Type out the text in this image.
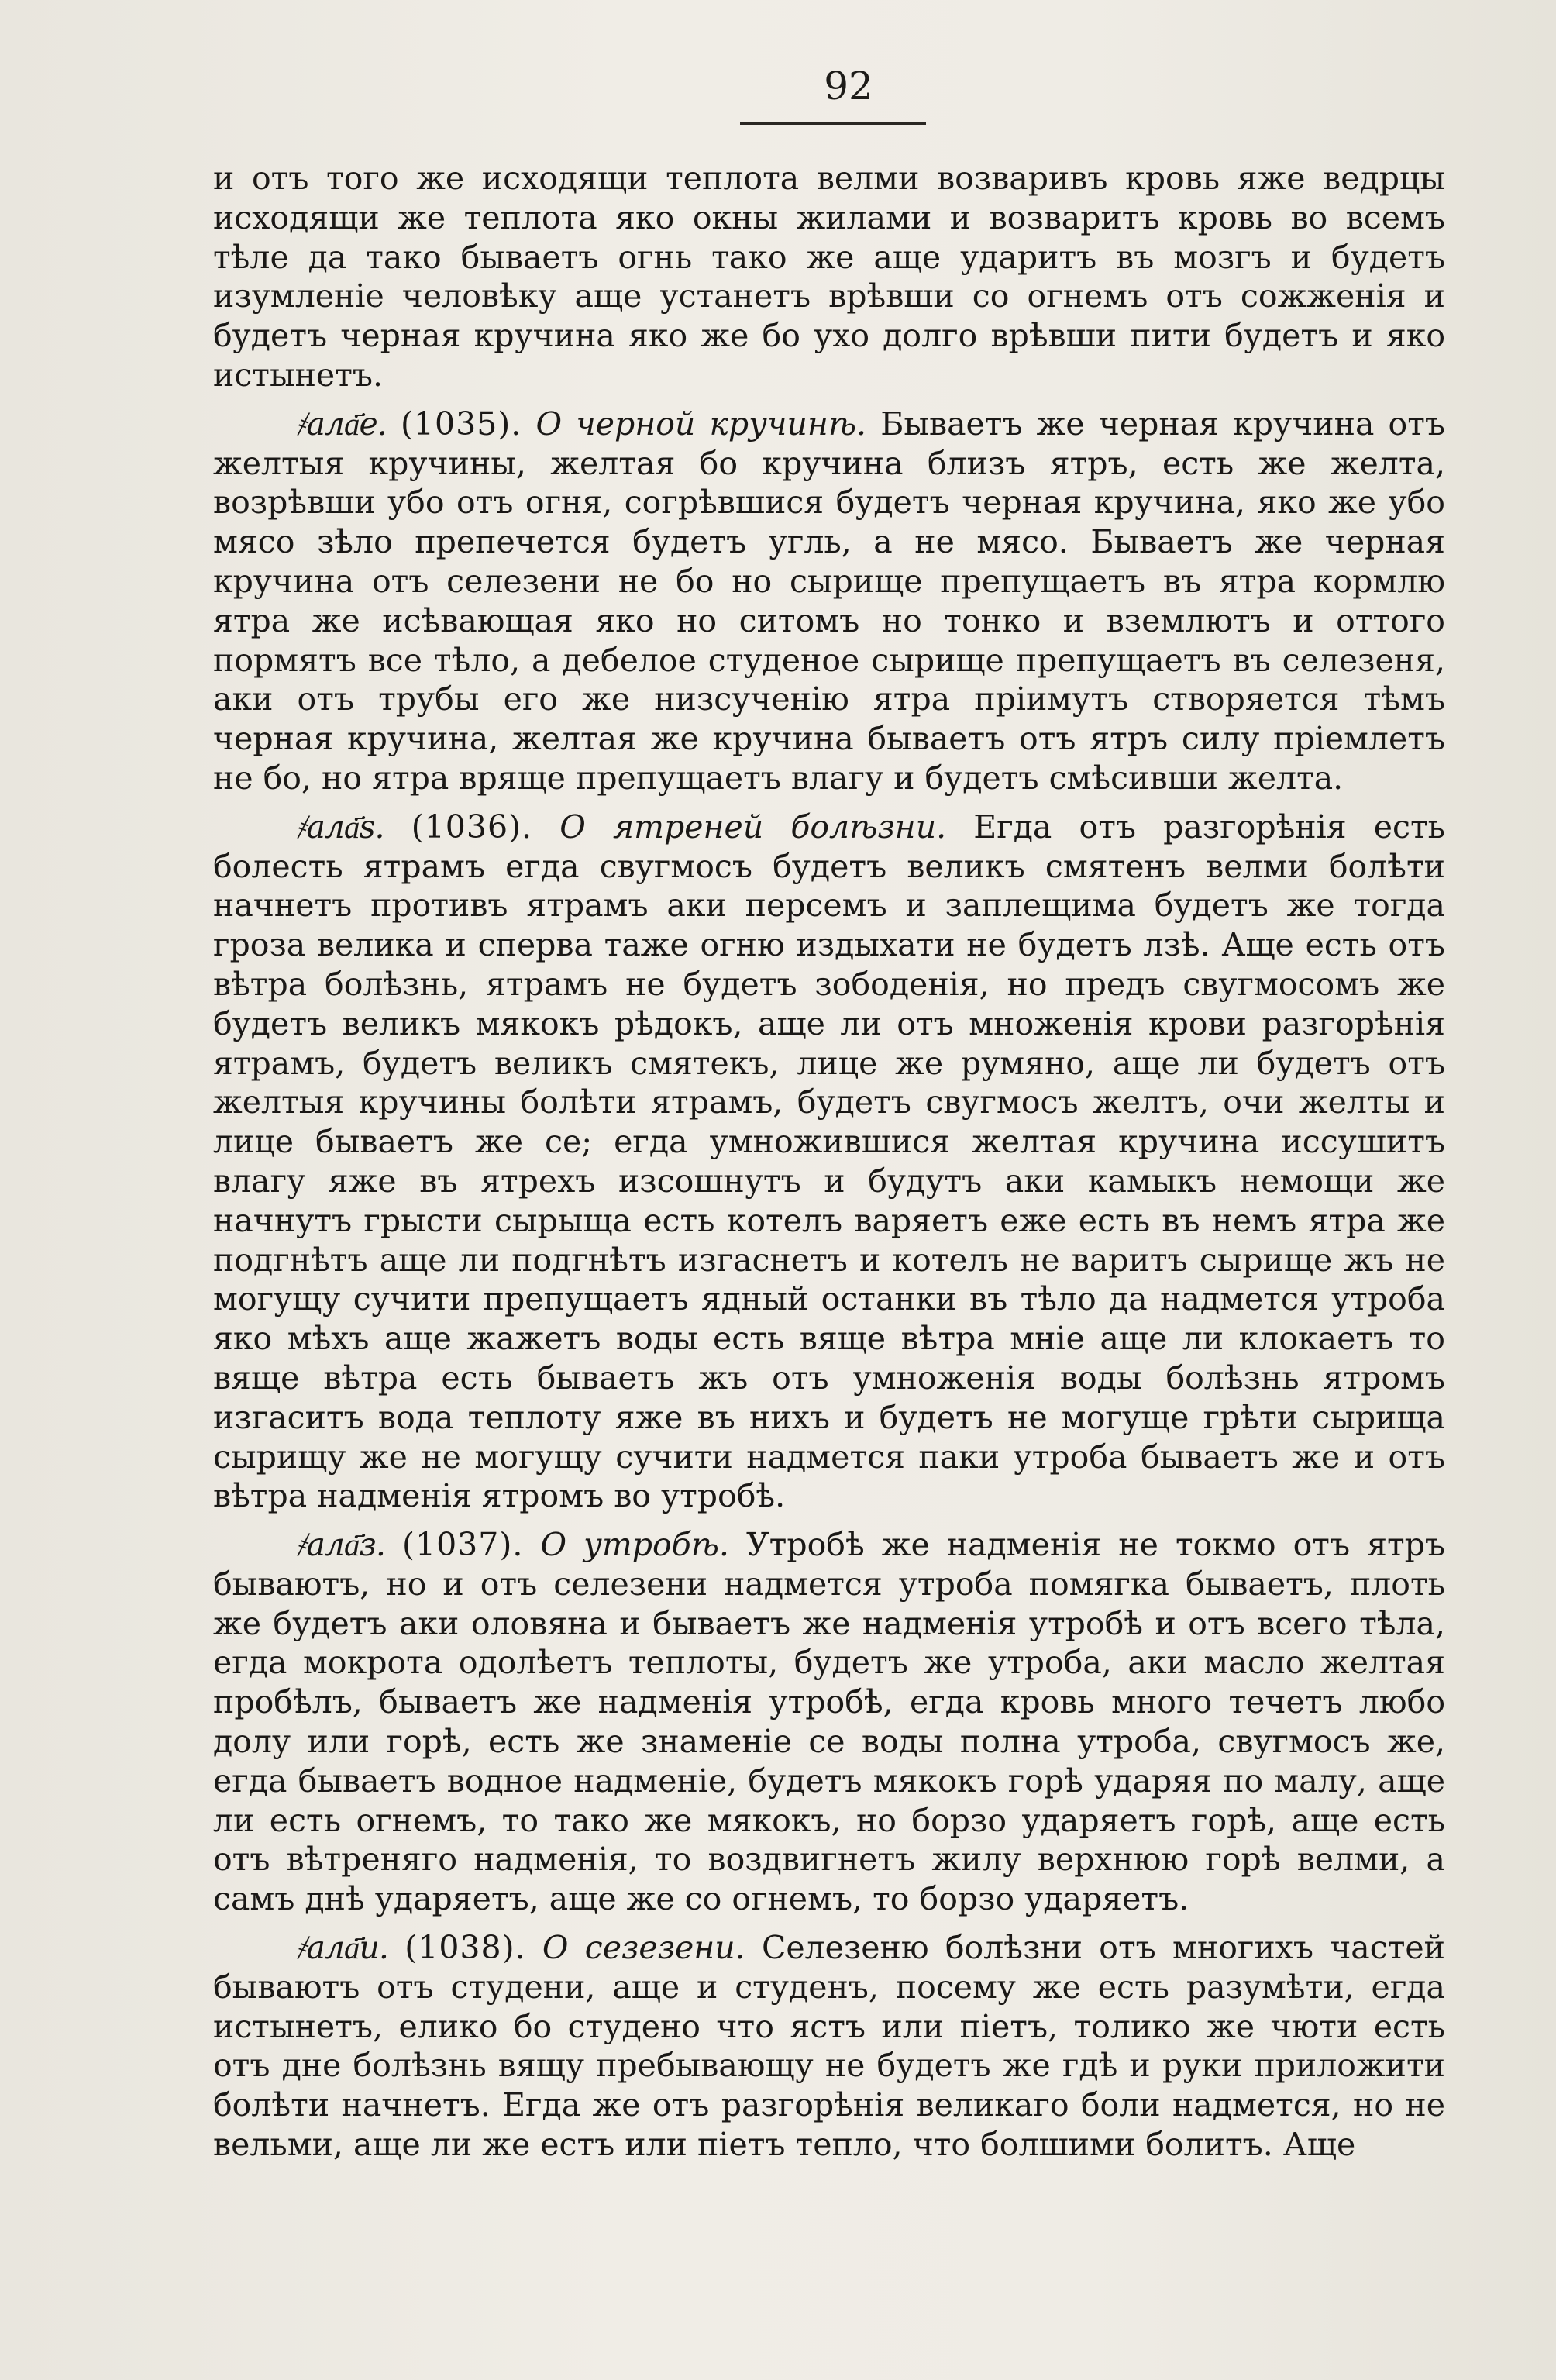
92

и отъ того же исходящи теплота велми возваривъ кровь яже ведрцы исходящи же теплота яко окны жилами и возваритъ кровь во всемъ тѣле да тако бываетъ огнь тако же аще ударитъ въ мозгъ и будетъ изумленіе человѣку аще устанетъ врѣвши со огнемъ отъ сожженія и будетъ черная кручина яко же бо ухо долго врѣвши пити будетъ и яко истынетъ.

҂ала҃е. (1035). О черной кручинѣ. Бываетъ же черная кручина отъ желтыя кручины, желтая бо кручина близъ ятръ, есть же желта, возрѣвши убо отъ огня, согрѣвшися будетъ черная кручина, яко же убо мясо зѣло препечется будетъ угль, а не мясо. Бываетъ же черная кручина отъ селезени не бо но сырище препущаетъ въ ятра кормлю ятра же исѣвающая яко но ситомъ но тонко и вземлютъ и оттого пормятъ все тѣло, а дебелое студеное сырище препущаетъ въ селезеня, аки отъ трубы его же низсученію ятра пріимутъ створяется тѣмъ черная кручина, желтая же кручина бываетъ отъ ятръ силу пріемлетъ не бо, но ятра вряще препущаетъ влагу и будетъ смѣсивши желта.

҂ала҃ѕ. (1036). О ятреней болѣзни. Егда отъ разгорѣнія есть болесть ятрамъ егда свугмосъ будетъ великъ смятенъ велми болѣти начнетъ противъ ятрамъ аки персемъ и заплещима будетъ же тогда гроза велика и сперва таже огню издыхати не будетъ лзѣ. Аще есть отъ вѣтра болѣзнь, ятрамъ не будетъ зободенія, но предъ свугмосомъ же будетъ великъ мякокъ рѣдокъ, аще ли отъ множенія крови разгорѣнія ятрамъ, будетъ великъ смятекъ, лице же румяно, аще ли будетъ отъ желтыя кручины болѣти ятрамъ, будетъ свугмосъ желтъ, очи желты и лице бываетъ же се; егда умножившися желтая кручина иссушитъ влагу яже въ ятрехъ изсошнутъ и будутъ аки камыкъ немощи же начнутъ грысти сырыща есть котелъ варяетъ еже есть въ немъ ятра же подгнѣтъ аще ли подгнѣтъ изгаснетъ и котелъ не варитъ сырище жъ не могущу сучити препущаетъ ядный останки въ тѣло да надмется утроба яко мѣхъ аще жажетъ воды есть вяще вѣтра мніе аще ли клокаетъ то вяще вѣтра есть бываетъ жъ отъ умноженія воды болѣзнь ятромъ изгаситъ вода теплоту яже въ нихъ и будетъ не могуще грѣти сырища сырищу же не могущу сучити надмется паки утроба бываетъ же и отъ вѣтра надменія ятромъ во утробѣ.

҂ала҃з. (1037). О утробѣ. Утробѣ же надменія не токмо отъ ятръ бываютъ, но и отъ селезени надмется утроба помягка бываетъ, плоть же будетъ аки оловяна и бываетъ же надменія утробѣ и отъ всего тѣла, егда мокрота одолѣетъ теплоты, будетъ же утроба, аки масло желтая пробѣлъ, бываетъ же надменія утробѣ, егда кровь много течетъ любо долу или горѣ, есть же знаменіе се воды полна утроба, свугмосъ же, егда бываетъ водное надменіе, будетъ мякокъ горѣ ударяя по малу, аще ли есть огнемъ, то тако же мякокъ, но борзо ударяетъ горѣ, аще есть отъ вѣтреняго надменія, то воздвигнетъ жилу верхнюю горѣ велми, а самъ днѣ ударяетъ, аще же со огнемъ, то борзо ударяетъ.

҂ала҃и. (1038). О сезезени. Селезеню болѣзни отъ многихъ частей бываютъ отъ студени, аще и студенъ, посему же есть разумѣти, егда истынетъ, елико бо студено что ястъ или піетъ, толико же чюти есть отъ дне болѣзнь вящу пребывающу не будетъ же гдѣ и руки приложити болѣти начнетъ. Егда же отъ разгорѣнія великаго боли надмется, но не вельми, аще ли же естъ или піетъ тепло, что болшими болитъ. Аще
